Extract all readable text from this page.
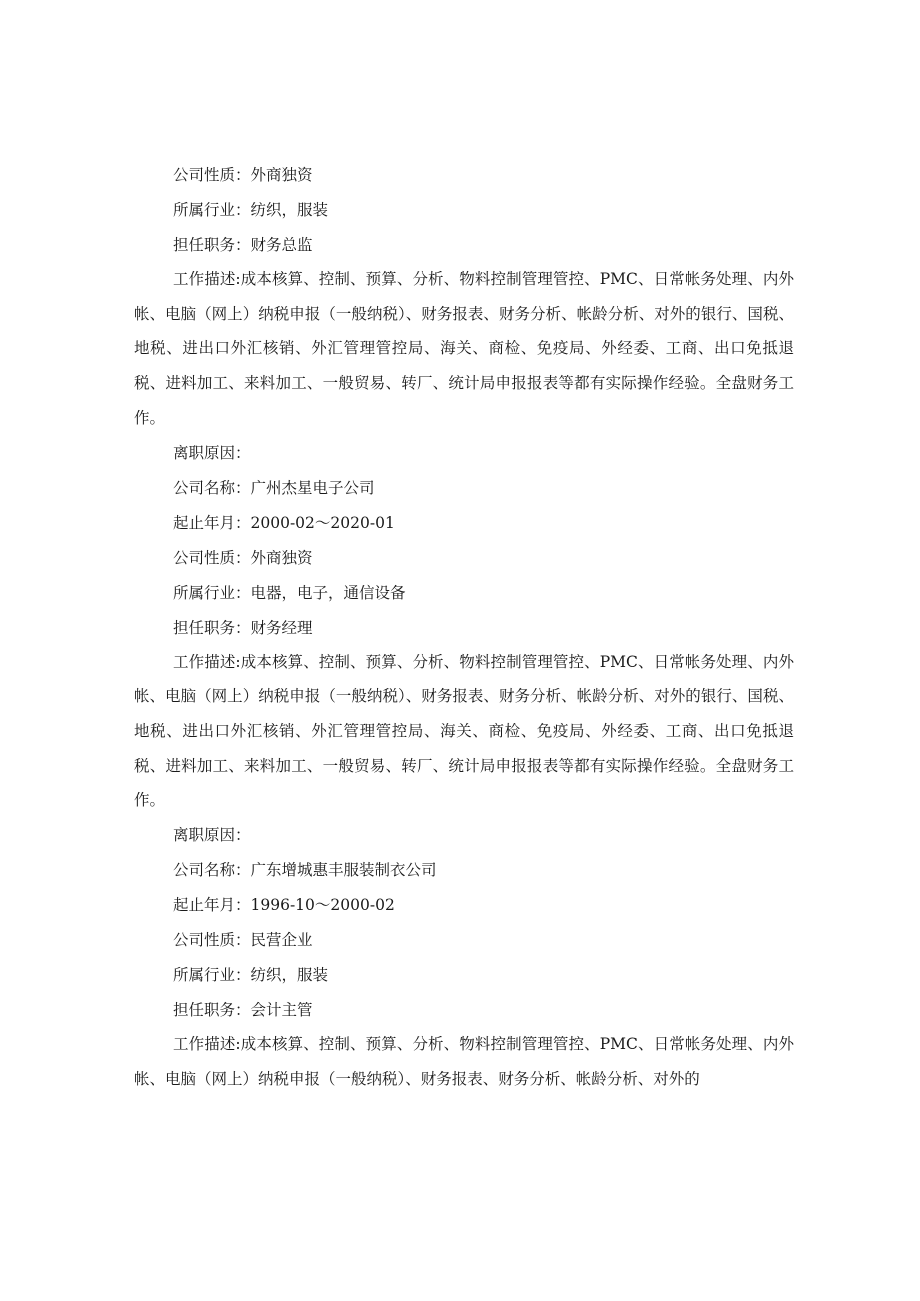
公司性质：外商独资

所属行业：纺织，服装

担任职务：财务总监

工作描述:成本核算、控制、预算、分析、物料控制管理管控、PMC、日常帐务处理、内外帐、电脑（网上）纳税申报（一般纳税）、财务报表、财务分析、帐龄分析、对外的银行、国税、地税、进出口外汇核销、外汇管理管控局、海关、商检、免疫局、外经委、工商、出口免抵退税、进料加工、来料加工、一般贸易、转厂、统计局申报报表等都有实际操作经验。全盘财务工作。

离职原因：

公司名称：广州杰星电子公司

起止年月：2000-02～2020-01

公司性质：外商独资

所属行业：电器，电子，通信设备

担任职务：财务经理

工作描述:成本核算、控制、预算、分析、物料控制管理管控、PMC、日常帐务处理、内外帐、电脑（网上）纳税申报（一般纳税）、财务报表、财务分析、帐龄分析、对外的银行、国税、地税、进出口外汇核销、外汇管理管控局、海关、商检、免疫局、外经委、工商、出口免抵退税、进料加工、来料加工、一般贸易、转厂、统计局申报报表等都有实际操作经验。全盘财务工作。

离职原因：

公司名称：广东增城惠丰服装制衣公司

起止年月：1996-10～2000-02

公司性质：民营企业

所属行业：纺织，服装

担任职务：会计主管

工作描述:成本核算、控制、预算、分析、物料控制管理管控、PMC、日常帐务处理、内外帐、电脑（网上）纳税申报（一般纳税）、财务报表、财务分析、帐龄分析、对外的
